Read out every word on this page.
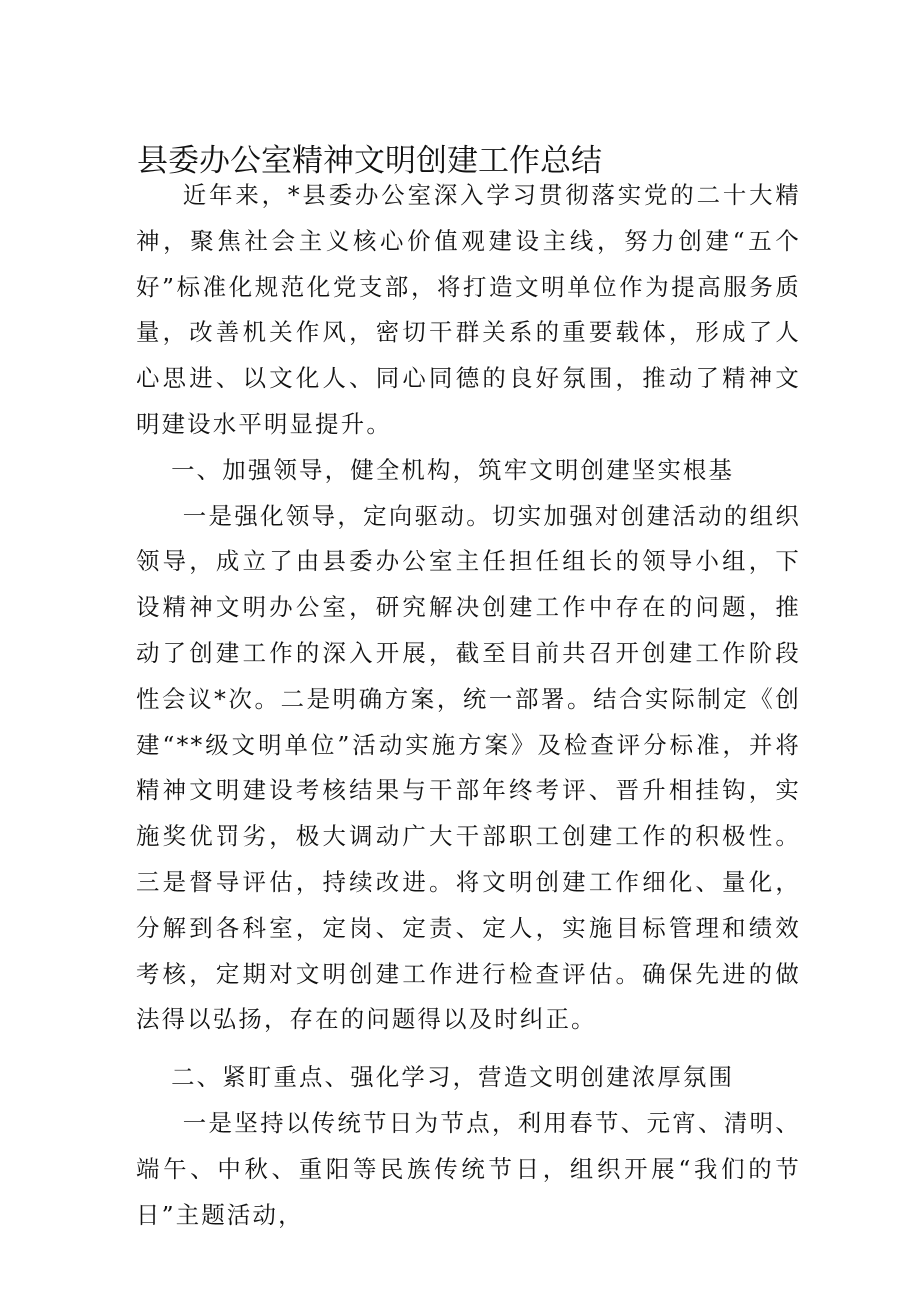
县委办公室精神文明创建工作总结

近年来，*县委办公室深入学习贯彻落实党的二十大精神，聚焦社会主义核心价值观建设主线，努力创建“五个好”标准化规范化党支部，将打造文明单位作为提高服务质量，改善机关作风，密切干群关系的重要载体，形成了人心思进、以文化人、同心同德的良好氛围，推动了精神文明建设水平明显提升。

一、加强领导，健全机构，筑牢文明创建坚实根基

一是强化领导，定向驱动。切实加强对创建活动的组织领导，成立了由县委办公室主任担任组长的领导小组，下设精神文明办公室，研究解决创建工作中存在的问题，推动了创建工作的深入开展，截至目前共召开创建工作阶段性会议*次。二是明确方案，统一部署。结合实际制定《创建“**级文明单位”活动实施方案》及检查评分标准，并将精神文明建设考核结果与干部年终考评、晋升相挂钩，实施奖优罚劣，极大调动广大干部职工创建工作的积极性。三是督导评估，持续改进。将文明创建工作细化、量化，分解到各科室，定岗、定责、定人，实施目标管理和绩效考核，定期对文明创建工作进行检查评估。确保先进的做法得以弘扬，存在的问题得以及时纠正。

二、紧盯重点、强化学习，营造文明创建浓厚氛围

一是坚持以传统节日为节点，利用春节、元宵、清明、端午、中秋、重阳等民族传统节日，组织开展“我们的节日”主题活动，
